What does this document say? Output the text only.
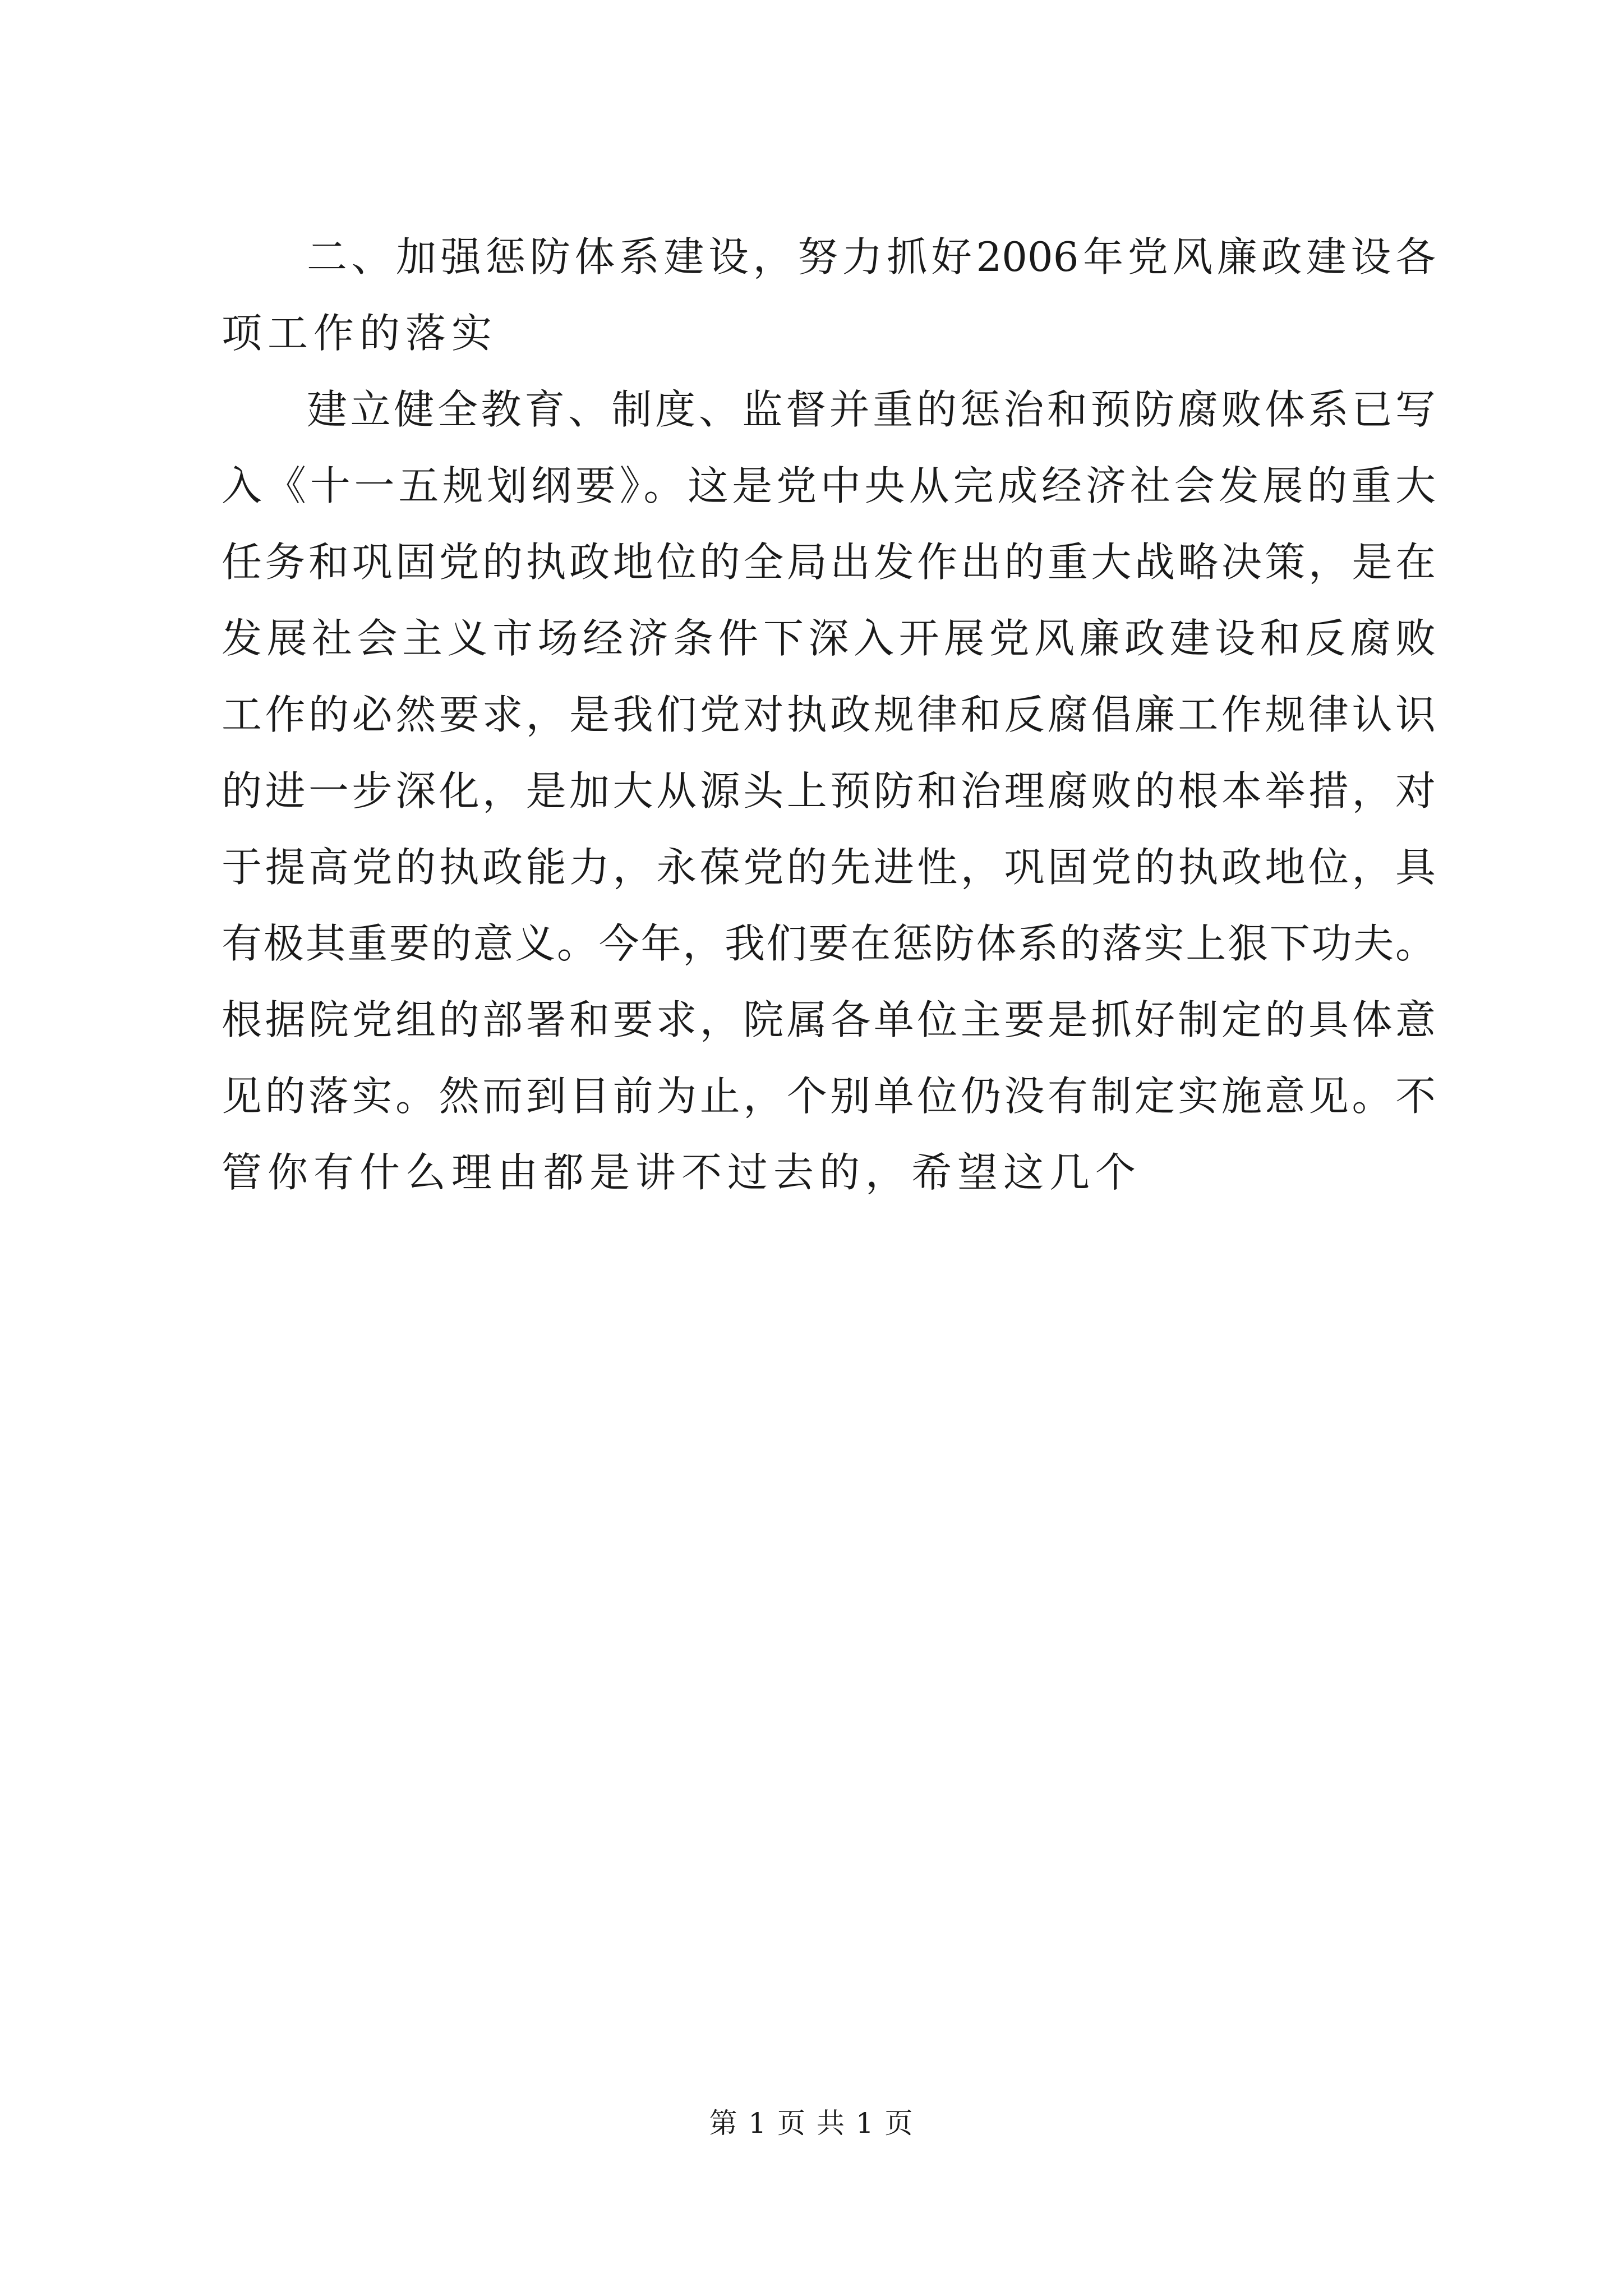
二、加强惩防体系建设，努力抓好2006年党风廉政建设各
项工作的落实
建立健全教育、制度、监督并重的惩治和预防腐败体系已写
入《十一五规划纲要》。这是党中央从完成经济社会发展的重大
任务和巩固党的执政地位的全局出发作出的重大战略决策，是在
发展社会主义市场经济条件下深入开展党风廉政建设和反腐败
工作的必然要求，是我们党对执政规律和反腐倡廉工作规律认识
的进一步深化，是加大从源头上预防和治理腐败的根本举措，对
于提高党的执政能力，永葆党的先进性，巩固党的执政地位，具
有极其重要的意义。今年，我们要在惩防体系的落实上狠下功夫。
根据院党组的部署和要求，院属各单位主要是抓好制定的具体意
见的落实。然而到目前为止，个别单位仍没有制定实施意见。不
管你有什么理由都是讲不过去的，希望这几个
第 1 页 共 1 页
